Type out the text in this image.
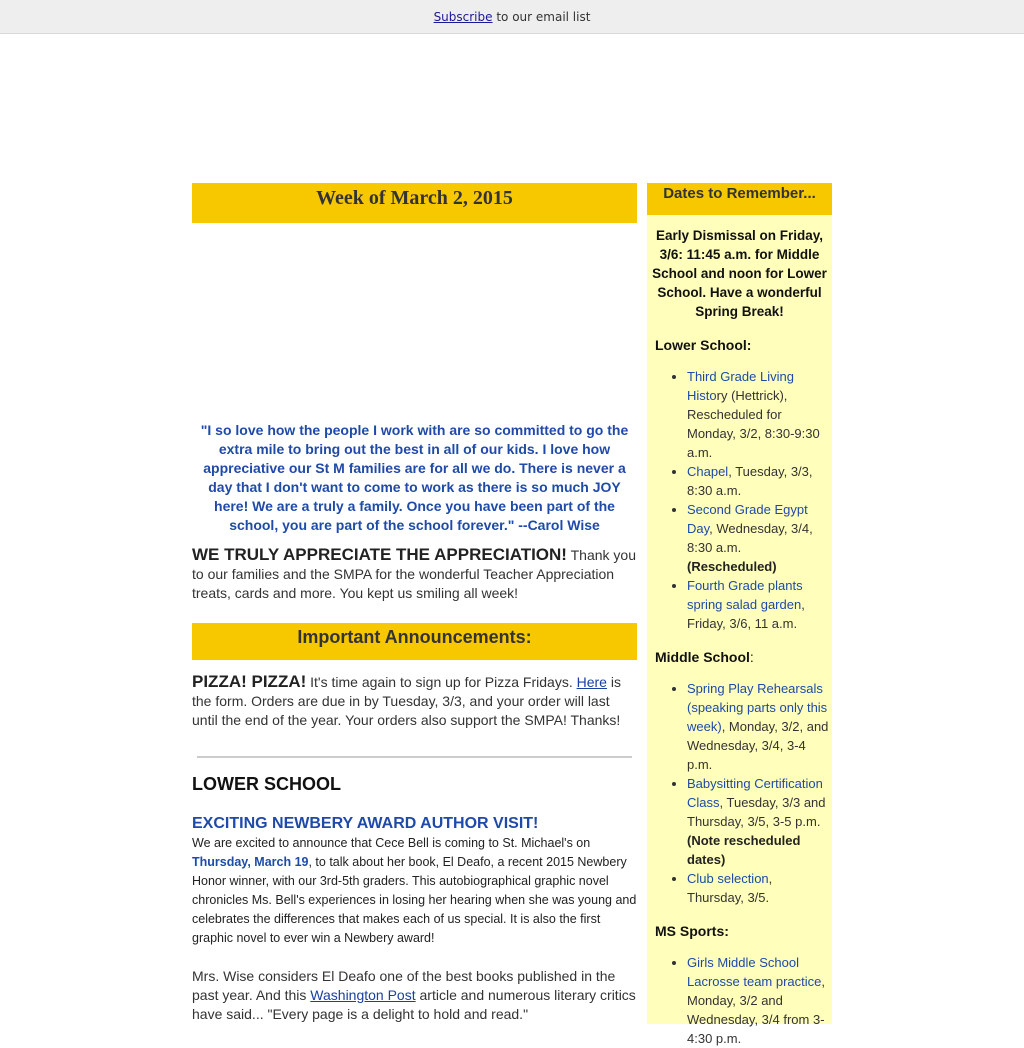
Subscribe to our email list
Week of March 2, 2015
"I so love how the people I work with are so committed to go the extra mile to bring out the best in all of our kids. I love how appreciative our St M families are for all we do. There is never a day that I don't want to come to work as there is so much JOY here! We are a truly a family. Once you have been part of the school, you are part of the school forever." --Carol Wise
WE TRULY APPRECIATE THE APPRECIATION! Thank you to our families and the SMPA for the wonderful Teacher Appreciation treats, cards and more. You kept us smiling all week!
Important Announcements:
PIZZA! PIZZA! It's time again to sign up for Pizza Fridays. Here is the form. Orders are due in by Tuesday, 3/3, and your order will last until the end of the year. Your orders also support the SMPA! Thanks!
LOWER SCHOOL
EXCITING NEWBERY AWARD AUTHOR VISIT!
We are excited to announce that Cece Bell is coming to St. Michael's on Thursday, March 19, to talk about her book, El Deafo, a recent 2015 Newbery Honor winner, with our 3rd-5th graders. This autobiographical graphic novel chronicles Ms. Bell's experiences in losing her hearing when she was young and celebrates the differences that makes each of us special. It is also the first graphic novel to ever win a Newbery award!
Mrs. Wise considers El Deafo one of the best books published in the past year. And this Washington Post article and numerous literary critics have said... "Every page is a delight to hold and read."
Dates to Remember...
Early Dismissal on Friday, 3/6: 11:45 a.m. for Middle School and noon for Lower School. Have a wonderful Spring Break!
Lower School:
• Third Grade Living History (Hettrick), Rescheduled for Monday, 3/2, 8:30-9:30 a.m.
• Chapel, Tuesday, 3/3, 8:30 a.m.
• Second Grade Egypt Day, Wednesday, 3/4, 8:30 a.m.
(Rescheduled)
• Fourth Grade plants spring salad garden, Friday, 3/6, 11 a.m.
Middle School:
• Spring Play Rehearsals (speaking parts only this week), Monday, 3/2, and Wednesday, 3/4, 3-4 p.m.
• Babysitting Certification Class, Tuesday, 3/3 and Thursday, 3/5, 3-5 p.m. (Note rescheduled dates)
• Club selection, Thursday, 3/5.
MS Sports:
• Girls Middle School Lacrosse team practice, Monday, 3/2 and Wednesday, 3/4 from 3-4:30 p.m.
